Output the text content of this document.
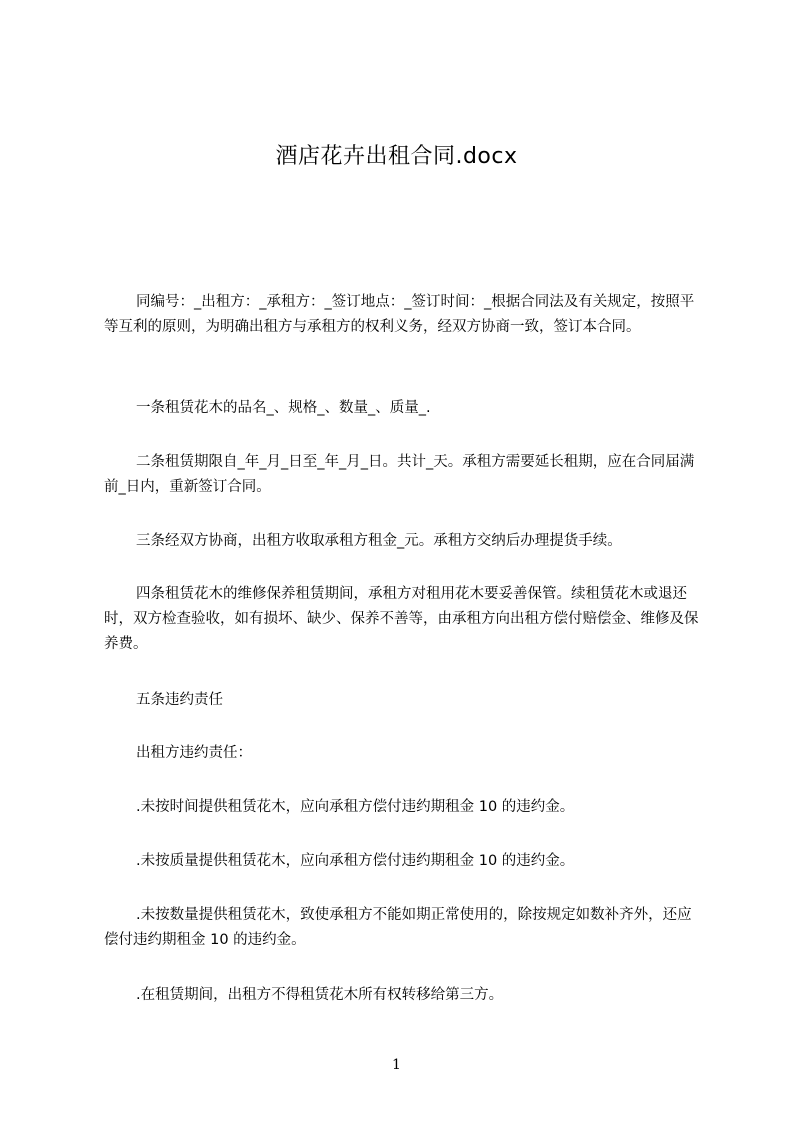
酒店花卉出租合同.docx

同编号：_出租方：_承租方：_签订地点：_签订时间：_根据合同法及有关规定，按照平等互利的原则，为明确出租方与承租方的权利义务，经双方协商一致，签订本合同。

一条租赁花木的品名_、规格_、数量_、质量_.

二条租赁期限自_年_月_日至_年_月_日。共计_天。承租方需要延长租期，应在合同届满前_日内，重新签订合同。

三条经双方协商，出租方收取承租方租金_元。承租方交纳后办理提货手续。

四条租赁花木的维修保养租赁期间，承租方对租用花木要妥善保管。续租赁花木或退还时，双方检查验收，如有损坏、缺少、保养不善等，由承租方向出租方偿付赔偿金、维修及保养费。

五条违约责任

出租方违约责任：

.未按时间提供租赁花木，应向承租方偿付违约期租金 10 的违约金。

.未按质量提供租赁花木，应向承租方偿付违约期租金 10 的违约金。

.未按数量提供租赁花木，致使承租方不能如期正常使用的，除按规定如数补齐外，还应偿付违约期租金 10 的违约金。

.在租赁期间，出租方不得租赁花木所有权转移给第三方。

1
